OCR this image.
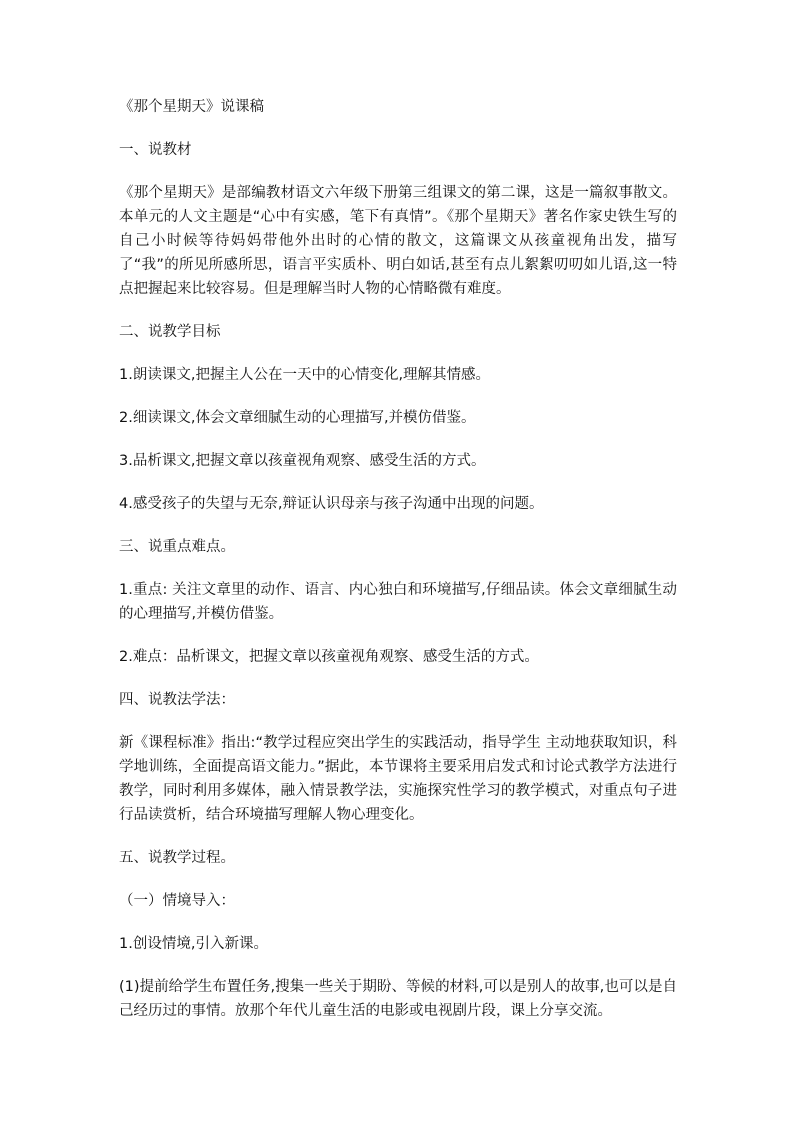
《那个星期天》说课稿

一、说教材

《那个星期天》是部编教材语文六年级下册第三组课文的第二课，这是一篇叙事散文。本单元的人文主题是“心中有实感，笔下有真情”。《那个星期天》著名作家史铁生写的自己小时候等待妈妈带他外出时的心情的散文，这篇课文从孩童视角出发，描写了“我”的所见所感所思，语言平实质朴、明白如话,甚至有点儿絮絮叨叨如儿语,这一特点把握起来比较容易。但是理解当时人物的心情略微有难度。

二、说教学目标

1.朗读课文,把握主人公在一天中的心情变化,理解其情感。

2.细读课文,体会文章细腻生动的心理描写,并模仿借鉴。

3.品析课文,把握文章以孩童视角观察、感受生活的方式。

4.感受孩子的失望与无奈,辩证认识母亲与孩子沟通中出现的问题。

三、说重点难点。

1.重点: 关注文章里的动作、语言、内心独白和环境描写,仔细品读。体会文章细腻生动的心理描写,并模仿借鉴。

2.难点：品析课文，把握文章以孩童视角观察、感受生活的方式。

四、说教法学法：

新《课程标准》指出:“教学过程应突出学生的实践活动，指导学生 主动地获取知识，科学地训练，全面提高语文能力。”据此，本节课将主要采用启发式和讨论式教学方法进行教学，同时利用多媒体，融入情景教学法，实施探究性学习的教学模式，对重点句子进行品读赏析，结合环境描写理解人物心理变化。

五、说教学过程。

（一）情境导入：

1.创设情境,引入新课。

(1)提前给学生布置任务,搜集一些关于期盼、等候的材料,可以是别人的故事,也可以是自己经历过的事情。放那个年代儿童生活的电影或电视剧片段，课上分享交流。
